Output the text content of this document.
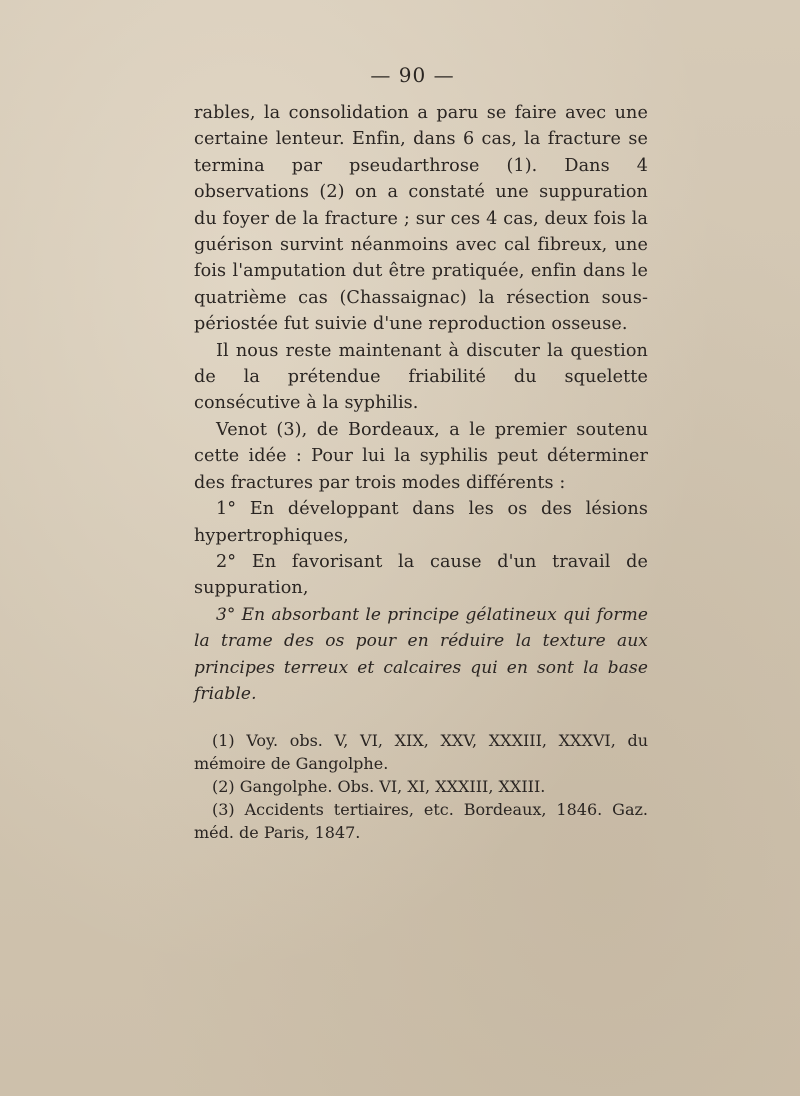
— 90 —

rables, la consolidation a paru se faire avec une certaine lenteur. Enfin, dans 6 cas, la fracture se termina par pseudarthrose (1). Dans 4 observations (2) on a constaté une suppuration du foyer de la fracture ; sur ces 4 cas, deux fois la guérison survint néanmoins avec cal fibreux, une fois l'amputation dut être pratiquée, enfin dans le quatrième cas (Chassaignac) la résection sous-périostée fut suivie d'une reproduction osseuse.

Il nous reste maintenant à discuter la question de la prétendue friabilité du squelette consécutive à la syphilis.

Venot (3), de Bordeaux, a le premier soutenu cette idée : Pour lui la syphilis peut déterminer des fractures par trois modes différents :

1° En développant dans les os des lésions hypertrophiques,

2° En favorisant la cause d'un travail de suppuration,

3° En absorbant le principe gélatineux qui forme la trame des os pour en réduire la texture aux principes terreux et calcaires qui en sont la base friable.

(1) Voy. obs. V, VI, XIX, XXV, XXXIII, XXXVI, du mémoire de Gangolphe.

(2) Gangolphe. Obs. VI, XI, XXXIII, XXIII.

(3) Accidents tertiaires, etc. Bordeaux, 1846. Gaz. méd. de Paris, 1847.
